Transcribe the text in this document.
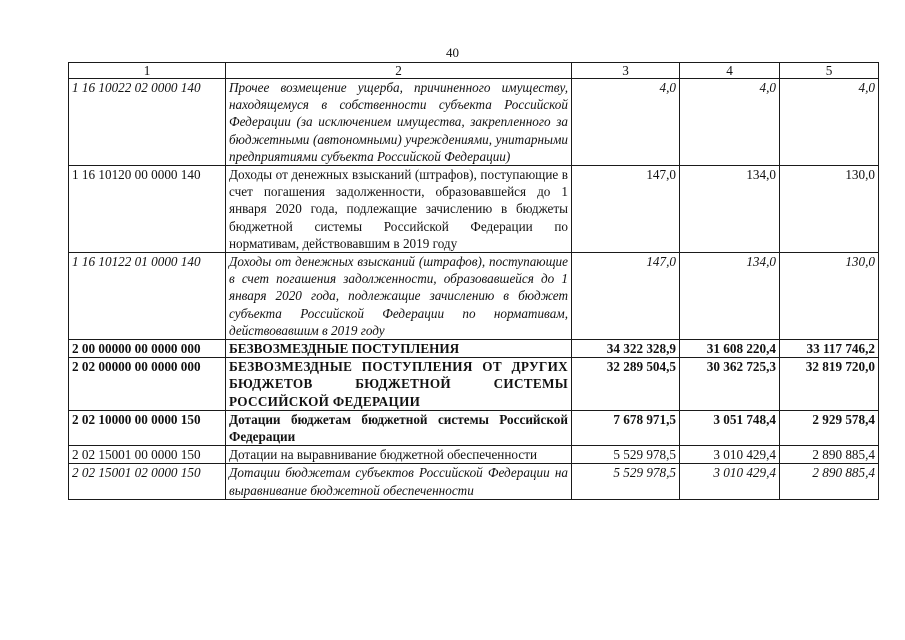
40
1	2	3	4	5
1 16 10022 02 0000 140	Прочее возмещение ущерба, причиненного имуществу, находящемуся в собственности субъекта Российской Федерации (за исключением имущества, закрепленного за бюджетными (автономными) учреждениями, унитарными предприятиями субъекта Российской Федерации)	4,0	4,0	4,0
1 16 10120 00 0000 140	Доходы от денежных взысканий (штрафов), поступающие в счет погашения задолженности, образовавшейся до 1 января 2020 года, подлежащие зачислению в бюджеты бюджетной системы Российской Федерации по нормативам, действовавшим в 2019 году	147,0	134,0	130,0
1 16 10122 01 0000 140	Доходы от денежных взысканий (штрафов), поступающие в счет погашения задолженности, образовавшейся до 1 января 2020 года, подлежащие зачислению в бюджет субъекта Российской Федерации по нормативам, действовавшим в 2019 году	147,0	134,0	130,0
2 00 00000 00 0000 000	БЕЗВОЗМЕЗДНЫЕ ПОСТУПЛЕНИЯ	34 322 328,9	31 608 220,4	33 117 746,2
2 02 00000 00 0000 000	БЕЗВОЗМЕЗДНЫЕ ПОСТУПЛЕНИЯ ОТ ДРУГИХ БЮДЖЕТОВ БЮДЖЕТНОЙ СИСТЕМЫ РОССИЙСКОЙ ФЕДЕРАЦИИ	32 289 504,5	30 362 725,3	32 819 720,0
2 02 10000 00 0000 150	Дотации бюджетам бюджетной системы Российской Федерации	7 678 971,5	3 051 748,4	2 929 578,4
2 02 15001 00 0000 150	Дотации на выравнивание бюджетной обеспеченности	5 529 978,5	3 010 429,4	2 890 885,4
2 02 15001 02 0000 150	Дотации бюджетам субъектов Российской Федерации на выравнивание бюджетной обеспеченности	5 529 978,5	3 010 429,4	2 890 885,4
